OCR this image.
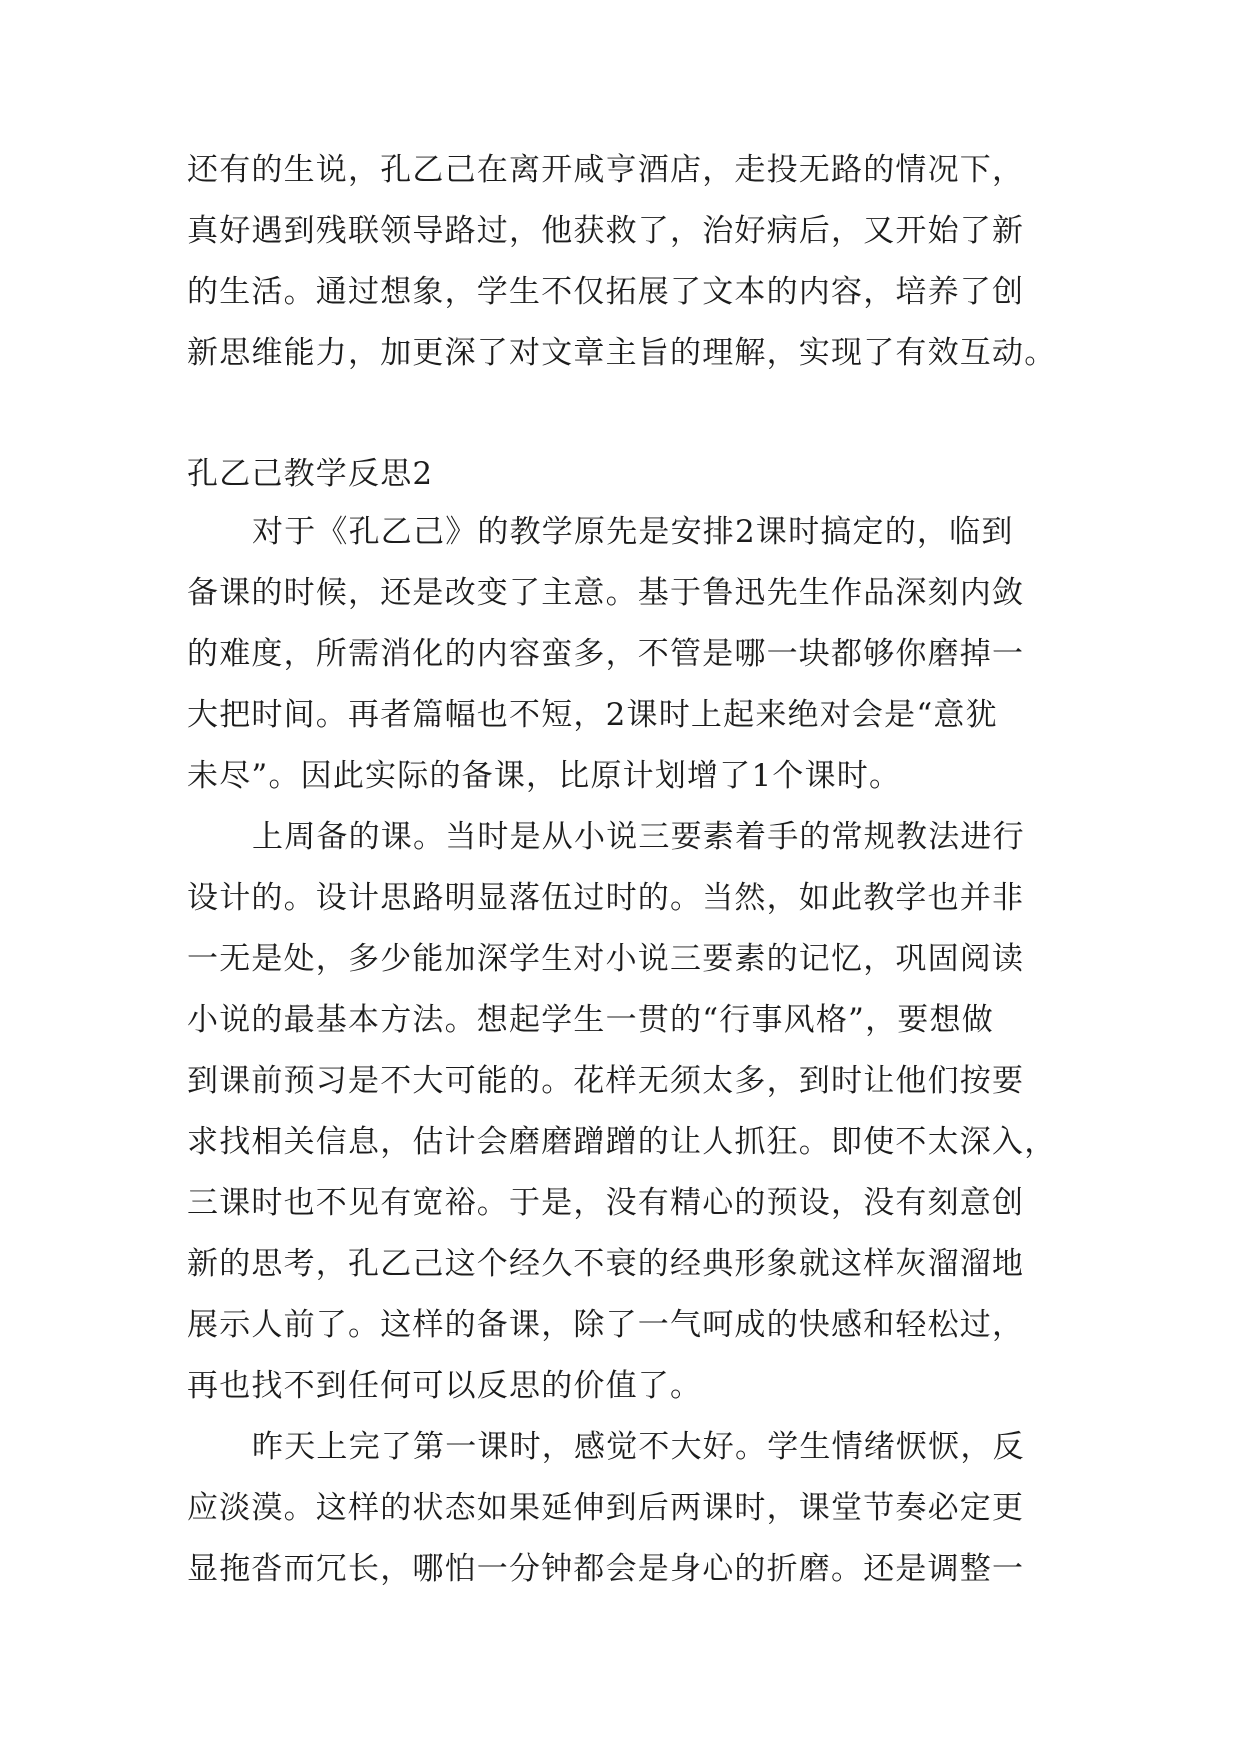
还有的生说，孔乙己在离开咸亨酒店，走投无路的情况下，
真好遇到残联领导路过，他获救了，治好病后，又开始了新
的生活。通过想象，学生不仅拓展了文本的内容，培养了创
新思维能力，加更深了对文章主旨的理解，实现了有效互动。
孔乙己教学反思2
对于《孔乙己》的教学原先是安排2课时搞定的，临到
备课的时候，还是改变了主意。基于鲁迅先生作品深刻内敛
的难度，所需消化的内容蛮多，不管是哪一块都够你磨掉一
大把时间。再者篇幅也不短，2课时上起来绝对会是“意犹
未尽”。因此实际的备课，比原计划增了1个课时。
上周备的课。当时是从小说三要素着手的常规教法进行
设计的。设计思路明显落伍过时的。当然，如此教学也并非
一无是处，多少能加深学生对小说三要素的记忆，巩固阅读
小说的最基本方法。想起学生一贯的“行事风格”，要想做
到课前预习是不大可能的。花样无须太多，到时让他们按要
求找相关信息，估计会磨磨蹭蹭的让人抓狂。即使不太深入，
三课时也不见有宽裕。于是，没有精心的预设，没有刻意创
新的思考，孔乙己这个经久不衰的经典形象就这样灰溜溜地
展示人前了。这样的备课，除了一气呵成的快感和轻松过，
再也找不到任何可以反思的价值了。
昨天上完了第一课时，感觉不大好。学生情绪恹恹，反
应淡漠。这样的状态如果延伸到后两课时，课堂节奏必定更
显拖沓而冗长，哪怕一分钟都会是身心的折磨。还是调整一
